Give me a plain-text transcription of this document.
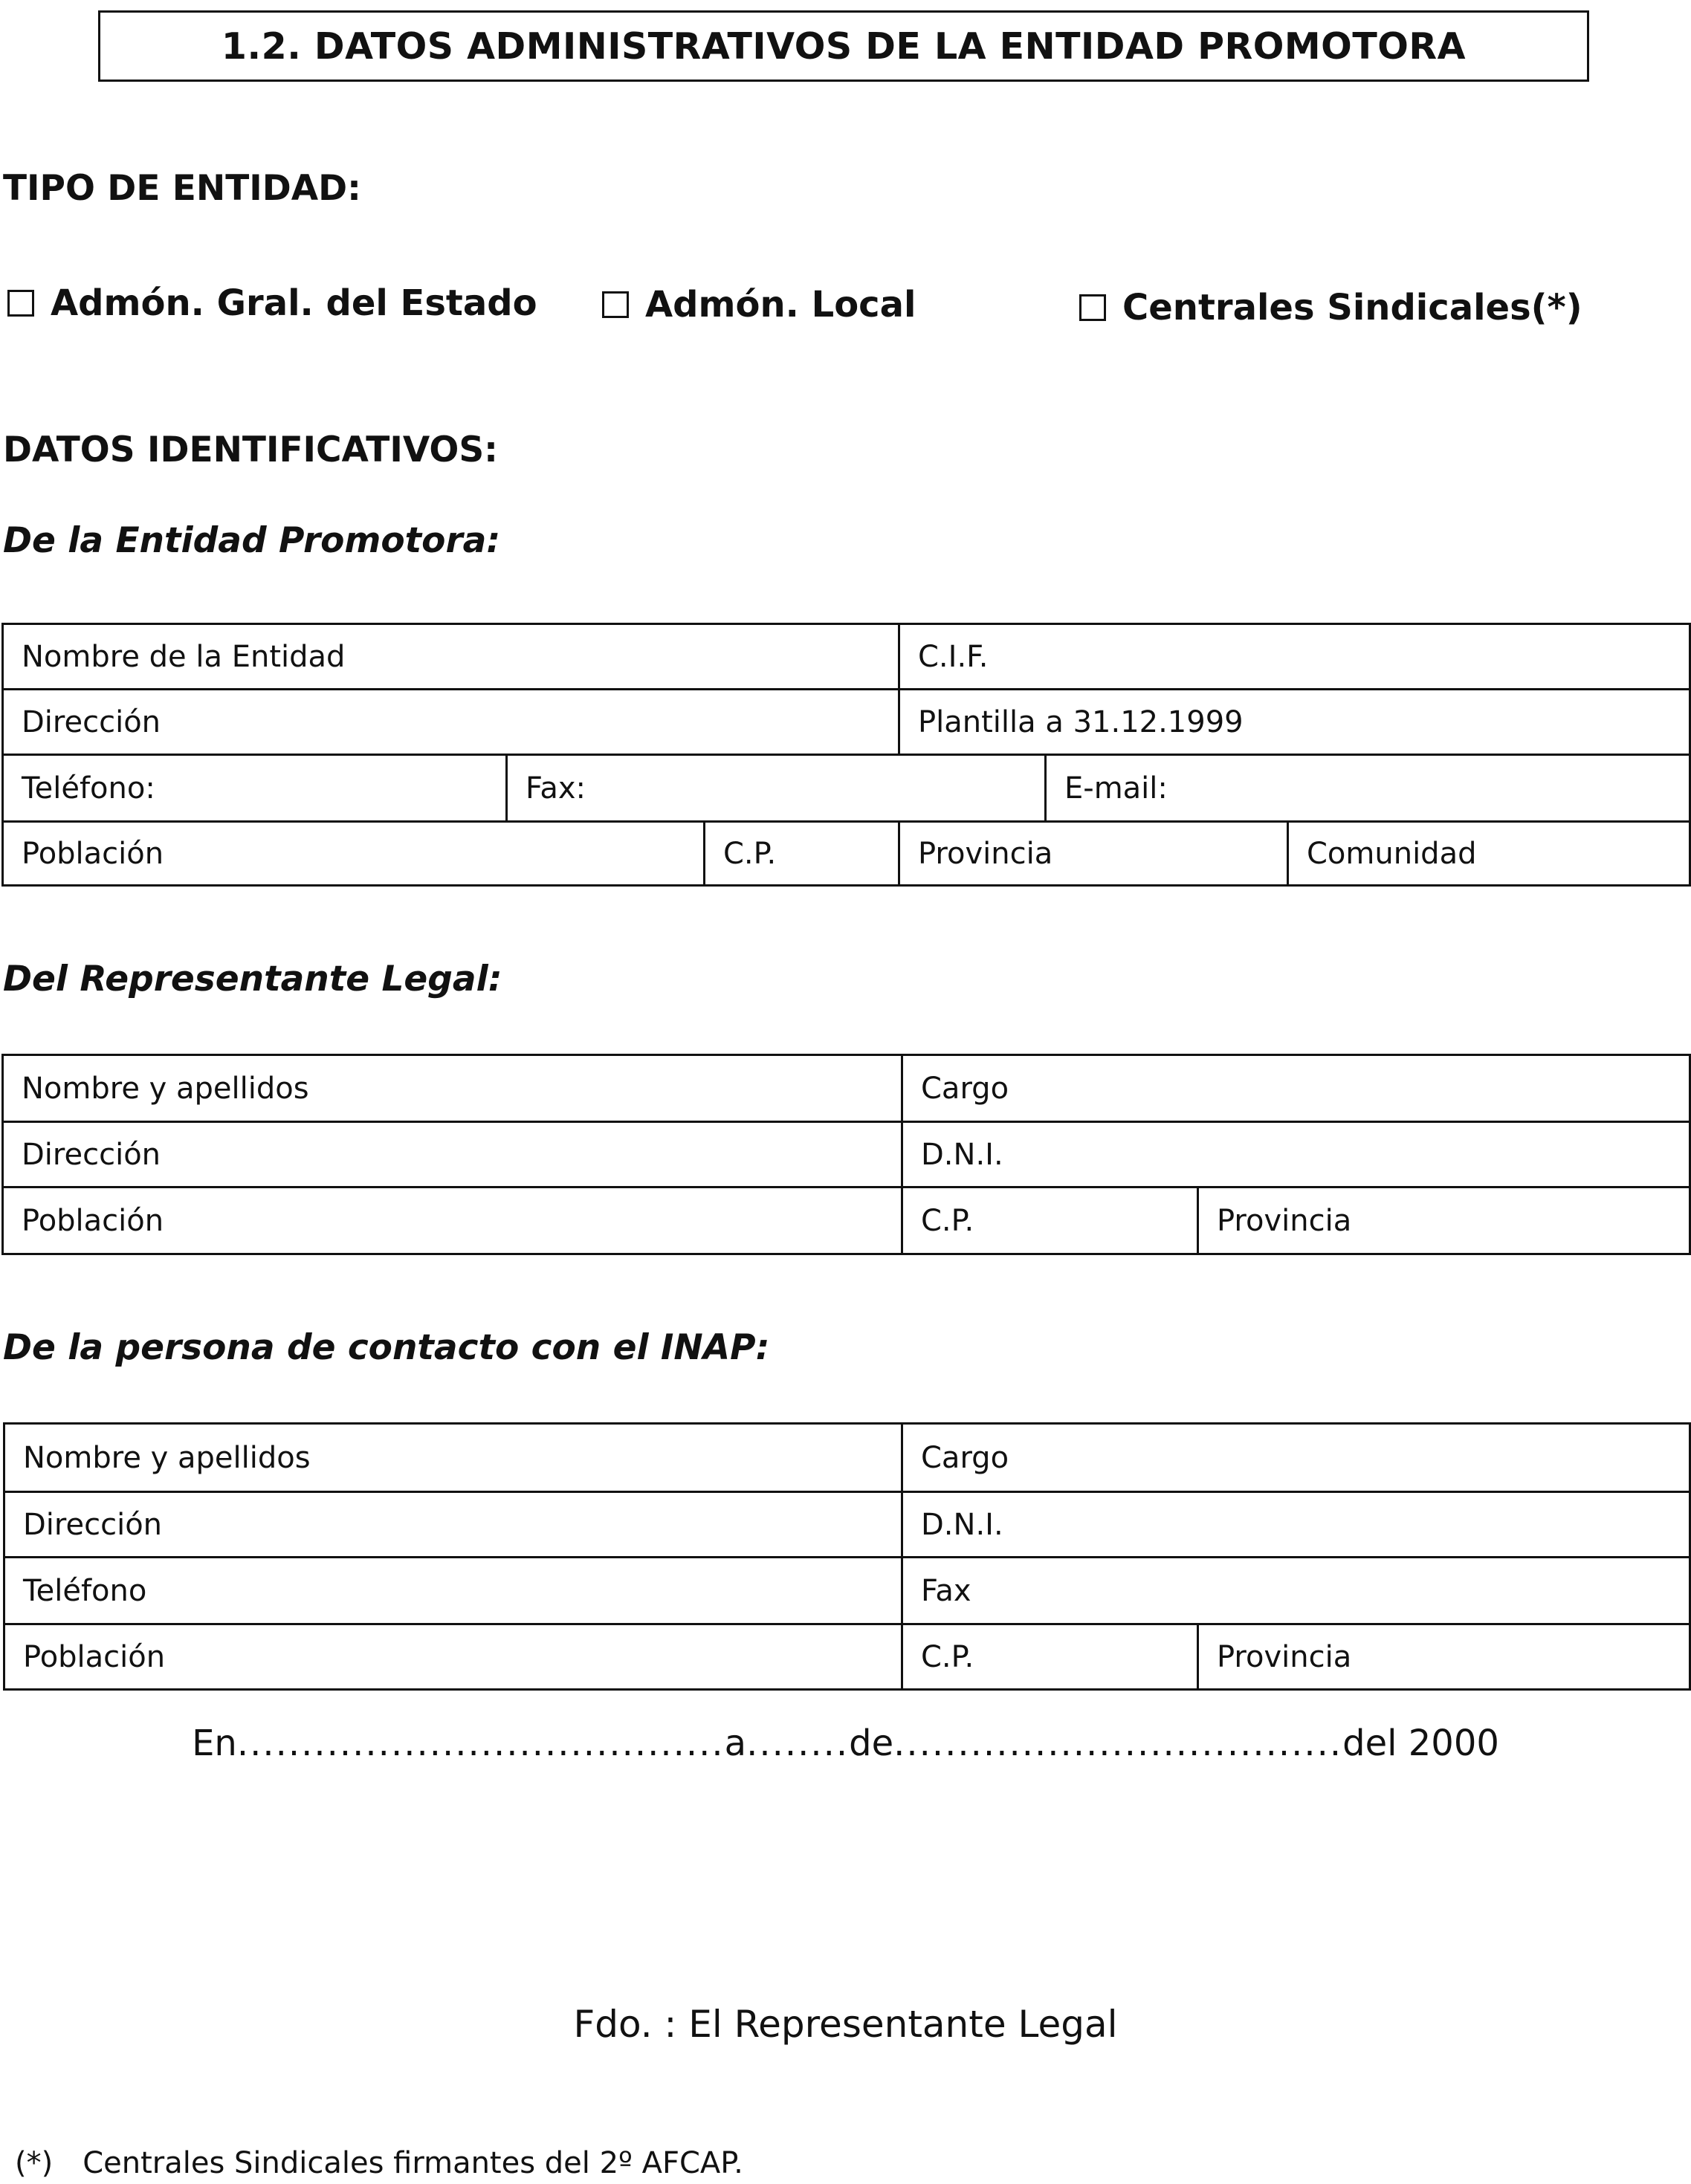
1.2. DATOS ADMINISTRATIVOS DE LA ENTIDAD PROMOTORA
TIPO DE ENTIDAD:
Admón. Gral. del Estado	Admón. Local	Centrales Sindicales(*)
DATOS IDENTIFICATIVOS:
De la Entidad Promotora:
Nombre de la Entidad			C.I.F.		
Dirección			Plantilla a 31.12.1999		
Teléfono:	Fax:			E-mail:	
Población		C.P.	Provincia		Comunidad
Del Representante Legal:
Nombre y apellidos	Cargo	
Dirección	D.N.I.	
Población	C.P.	Provincia
De la persona de contacto con el INAP:
Nombre y apellidos	Cargo	
Dirección	D.N.I.	
Teléfono	Fax	
Población	C.P.	Provincia
En......................................a........de...................................del 2000
Fdo. : El Representante Legal
(*) Centrales Sindicales firmantes del 2º AFCAP.
